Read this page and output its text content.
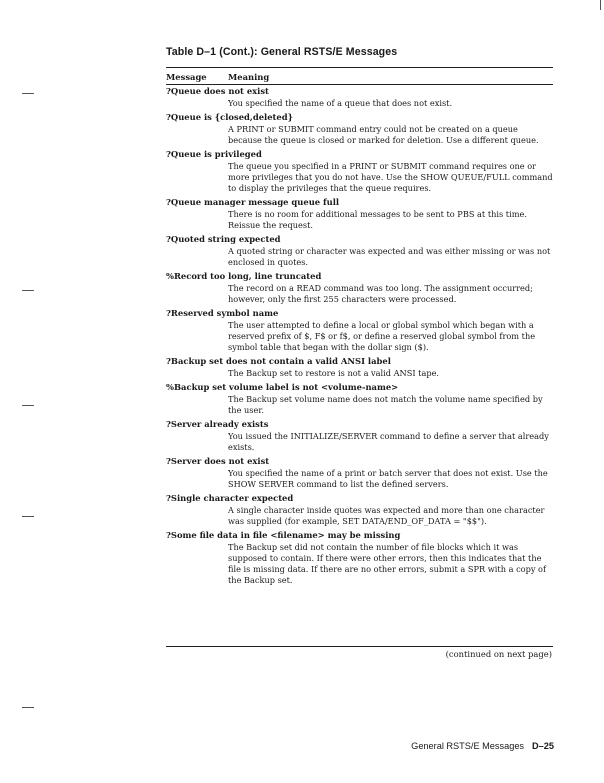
Table D–1 (Cont.): General RSTS/E Messages
Message	Meaning
?Queue does not exist
You specified the name of a queue that does not exist.
?Queue is {closed,deleted}
A PRINT or SUBMIT command entry could not be created on a queue because the queue is closed or marked for deletion. Use a different queue.
?Queue is privileged
The queue you specified in a PRINT or SUBMIT command requires one or more privileges that you do not have. Use the SHOW QUEUE/FULL command to display the privileges that the queue requires.
?Queue manager message queue full
There is no room for additional messages to be sent to PBS at this time. Reissue the request.
?Quoted string expected
A quoted string or character was expected and was either missing or was not enclosed in quotes.
%Record too long, line truncated
The record on a READ command was too long. The assignment occurred; however, only the first 255 characters were processed.
?Reserved symbol name
The user attempted to define a local or global symbol which began with a reserved prefix of $, F$ or f$, or define a reserved global symbol from the symbol table that began with the dollar sign ($).
?Backup set does not contain a valid ANSI label
The Backup set to restore is not a valid ANSI tape.
%Backup set volume label is not <volume-name>
The Backup set volume name does not match the volume name specified by the user.
?Server already exists
You issued the INITIALIZE/SERVER command to define a server that already exists.
?Server does not exist
You specified the name of a print or batch server that does not exist. Use the SHOW SERVER command to list the defined servers.
?Single character expected
A single character inside quotes was expected and more than one character was supplied (for example, SET DATA/END_OF_DATA = "$$").
?Some file data in file <filename> may be missing
The Backup set did not contain the number of file blocks which it was supposed to contain. If there were other errors, then this indicates that the file is missing data. If there are no other errors, submit a SPR with a copy of the Backup set.
(continued on next page)
General RSTS/E Messages D–25
